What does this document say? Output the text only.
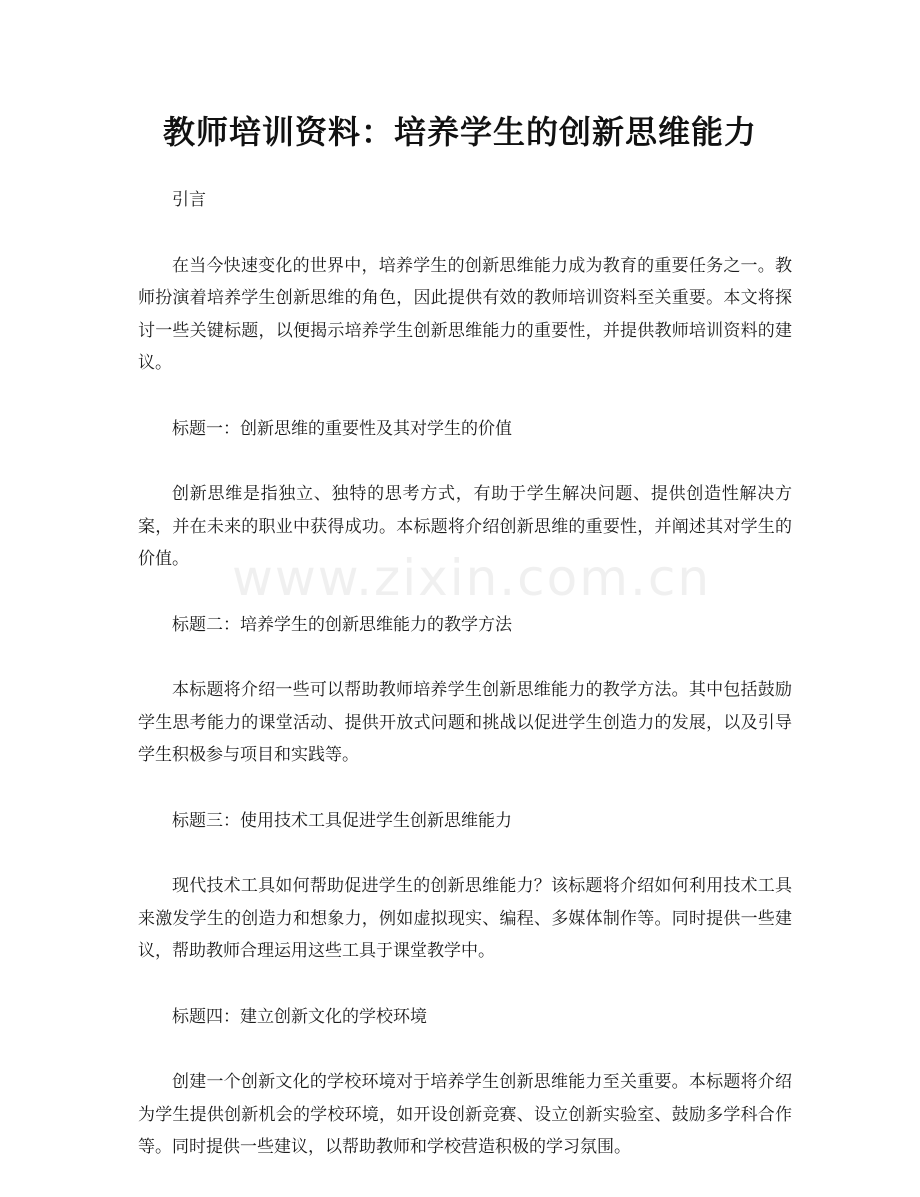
教师培训资料：培养学生的创新思维能力
www.zixin.com.cn

引言

在当今快速变化的世界中，培养学生的创新思维能力成为教育的重要任务之一。教师扮演着培养学生创新思维的角色，因此提供有效的教师培训资料至关重要。本文将探讨一些关键标题，以便揭示培养学生创新思维能力的重要性，并提供教师培训资料的建议。

标题一：创新思维的重要性及其对学生的价值

创新思维是指独立、独特的思考方式，有助于学生解决问题、提供创造性解决方案，并在未来的职业中获得成功。本标题将介绍创新思维的重要性，并阐述其对学生的价值。

标题二：培养学生的创新思维能力的教学方法

本标题将介绍一些可以帮助教师培养学生创新思维能力的教学方法。其中包括鼓励学生思考能力的课堂活动、提供开放式问题和挑战以促进学生创造力的发展，以及引导学生积极参与项目和实践等。

标题三：使用技术工具促进学生创新思维能力

现代技术工具如何帮助促进学生的创新思维能力？该标题将介绍如何利用技术工具来激发学生的创造力和想象力，例如虚拟现实、编程、多媒体制作等。同时提供一些建议，帮助教师合理运用这些工具于课堂教学中。

标题四：建立创新文化的学校环境

创建一个创新文化的学校环境对于培养学生创新思维能力至关重要。本标题将介绍为学生提供创新机会的学校环境，如开设创新竞赛、设立创新实验室、鼓励多学科合作等。同时提供一些建议，以帮助教师和学校营造积极的学习氛围。
